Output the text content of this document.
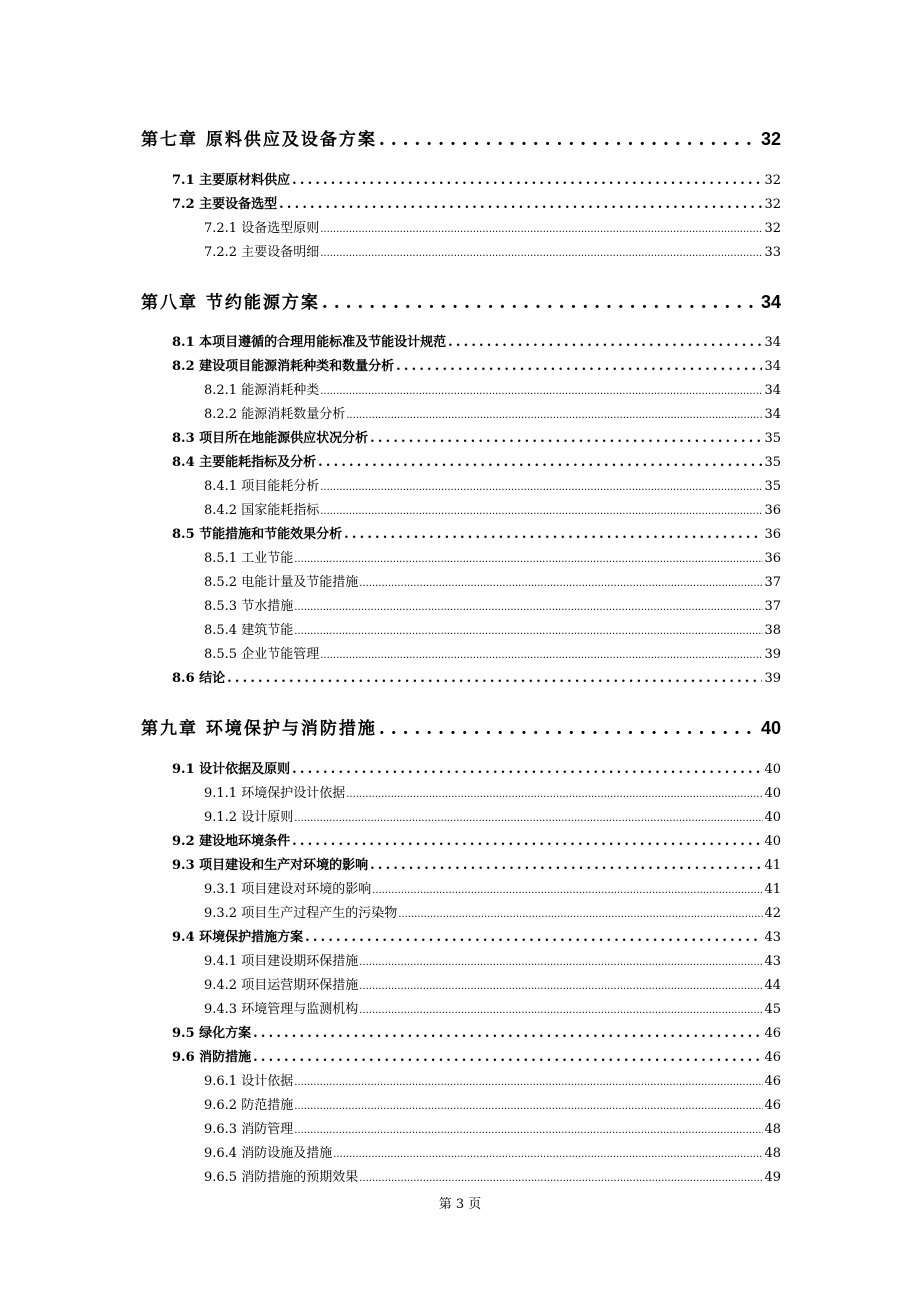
第七章 原料供应及设备方案 . . .	32
7.1 主要原材料供应 .....	32
7.2 主要设备选型 .....	32
7.2.1 设备选型原则 .....	32
7.2.2 主要设备明细 .....	33
第八章 节约能源方案 . . .	34
8.1 本项目遵循的合理用能标准及节能设计规范 .....	34
8.2 建设项目能源消耗种类和数量分析 .....	34
8.2.1 能源消耗种类 .....	34
8.2.2 能源消耗数量分析 .....	34
8.3 项目所在地能源供应状况分析 .....	35
8.4 主要能耗指标及分析 .....	35
8.4.1 项目能耗分析 .....	35
8.4.2 国家能耗指标 .....	36
8.5 节能措施和节能效果分析 .....	36
8.5.1 工业节能 .....	36
8.5.2 电能计量及节能措施 .....	37
8.5.3 节水措施 .....	37
8.5.4 建筑节能 .....	38
8.5.5 企业节能管理 .....	39
8.6 结论 .....	39
第九章 环境保护与消防措施 . . .	40
9.1 设计依据及原则 .....	40
9.1.1 环境保护设计依据 .....	40
9.1.2 设计原则 .....	40
9.2 建设地环境条件 .....	40
9.3 项目建设和生产对环境的影响 .....	41
9.3.1 项目建设对环境的影响 .....	41
9.3.2 项目生产过程产生的污染物 .....	42
9.4 环境保护措施方案 .....	43
9.4.1 项目建设期环保措施 .....	43
9.4.2 项目运营期环保措施 .....	44
9.4.3 环境管理与监测机构 .....	45
9.5 绿化方案 .....	46
9.6 消防措施 .....	46
9.6.1 设计依据 .....	46
9.6.2 防范措施 .....	46
9.6.3 消防管理 .....	48
9.6.4 消防设施及措施 .....	48
9.6.5 消防措施的预期效果 .....	49
第 3 页
